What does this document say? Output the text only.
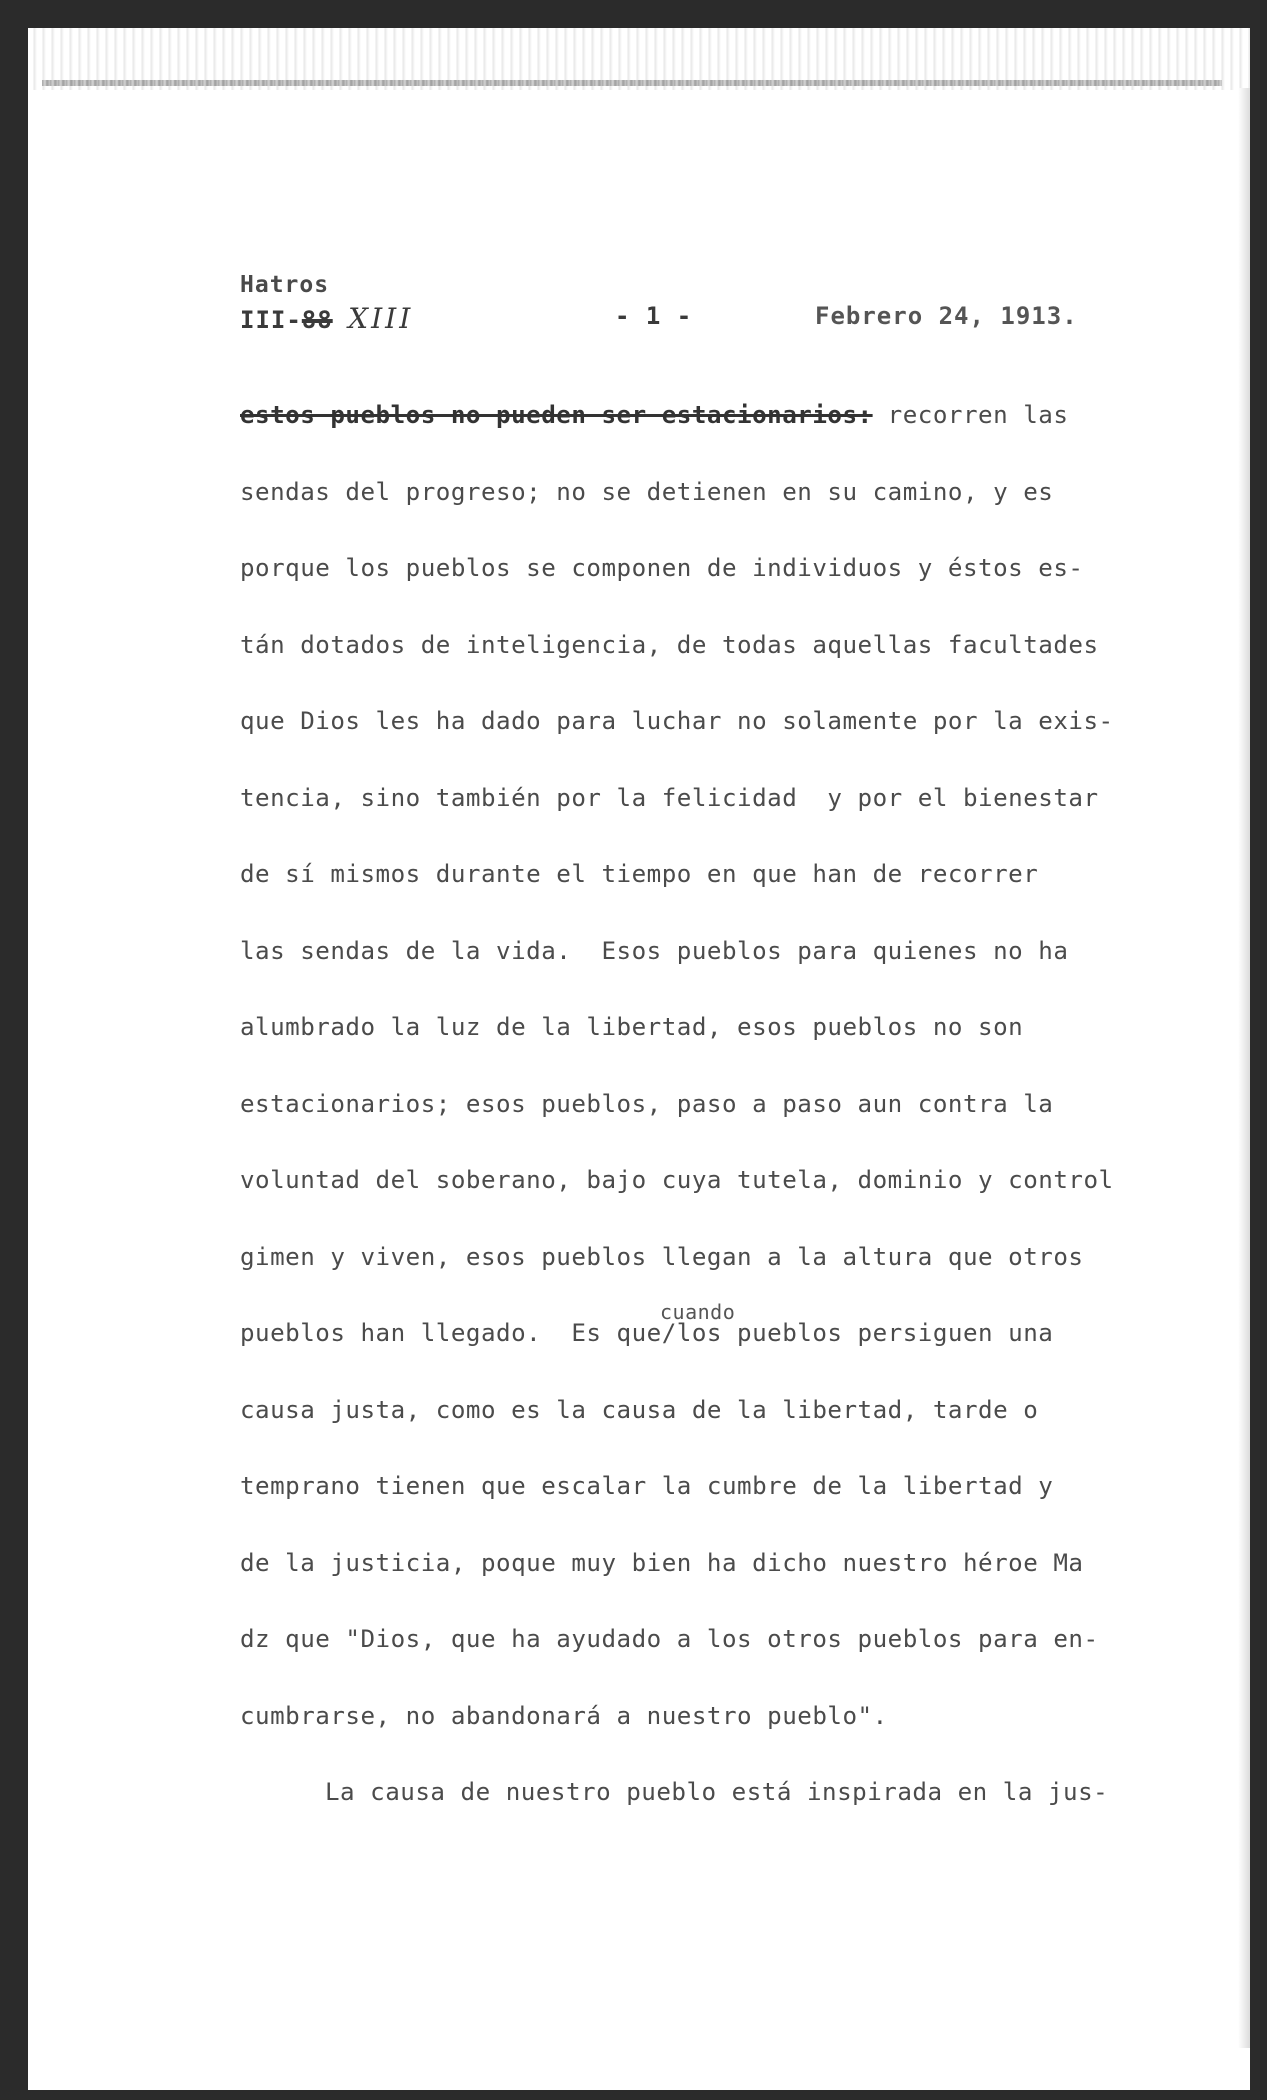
Hatros
III-88 XIII	- 1 -	Febrero 24, 1913.
estos pueblos no pueden ser estacionarios: recorren las
sendas del progreso; no se detienen en su camino, y es
porque los pueblos se componen de individuos y éstos es-
tán dotados de inteligencia, de todas aquellas facultades
que Dios les ha dado para luchar no solamente por la exis-
tencia, sino también por la felicidad  y por el bienestar
de sí mismos durante el tiempo en que han de recorrer
las sendas de la vida.  Esos pueblos para quienes no ha
alumbrado la luz de la libertad, esos pueblos no son
estacionarios; esos pueblos, paso a paso aun contra la
voluntad del soberano, bajo cuya tutela, dominio y control
gimen y viven, esos pueblos llegan a la altura que otros
pueblos han llegado.  Es que/los pueblos persiguen una
causa justa, como es la causa de la libertad, tarde o
temprano tienen que escalar la cumbre de la libertad y
de la justicia, poque muy bien ha dicho nuestro héroe Ma
dz que "Dios, que ha ayudado a los otros pueblos para en-
cumbrarse, no abandonará a nuestro pueblo".
La causa de nuestro pueblo está inspirada en la jus-
cuando
